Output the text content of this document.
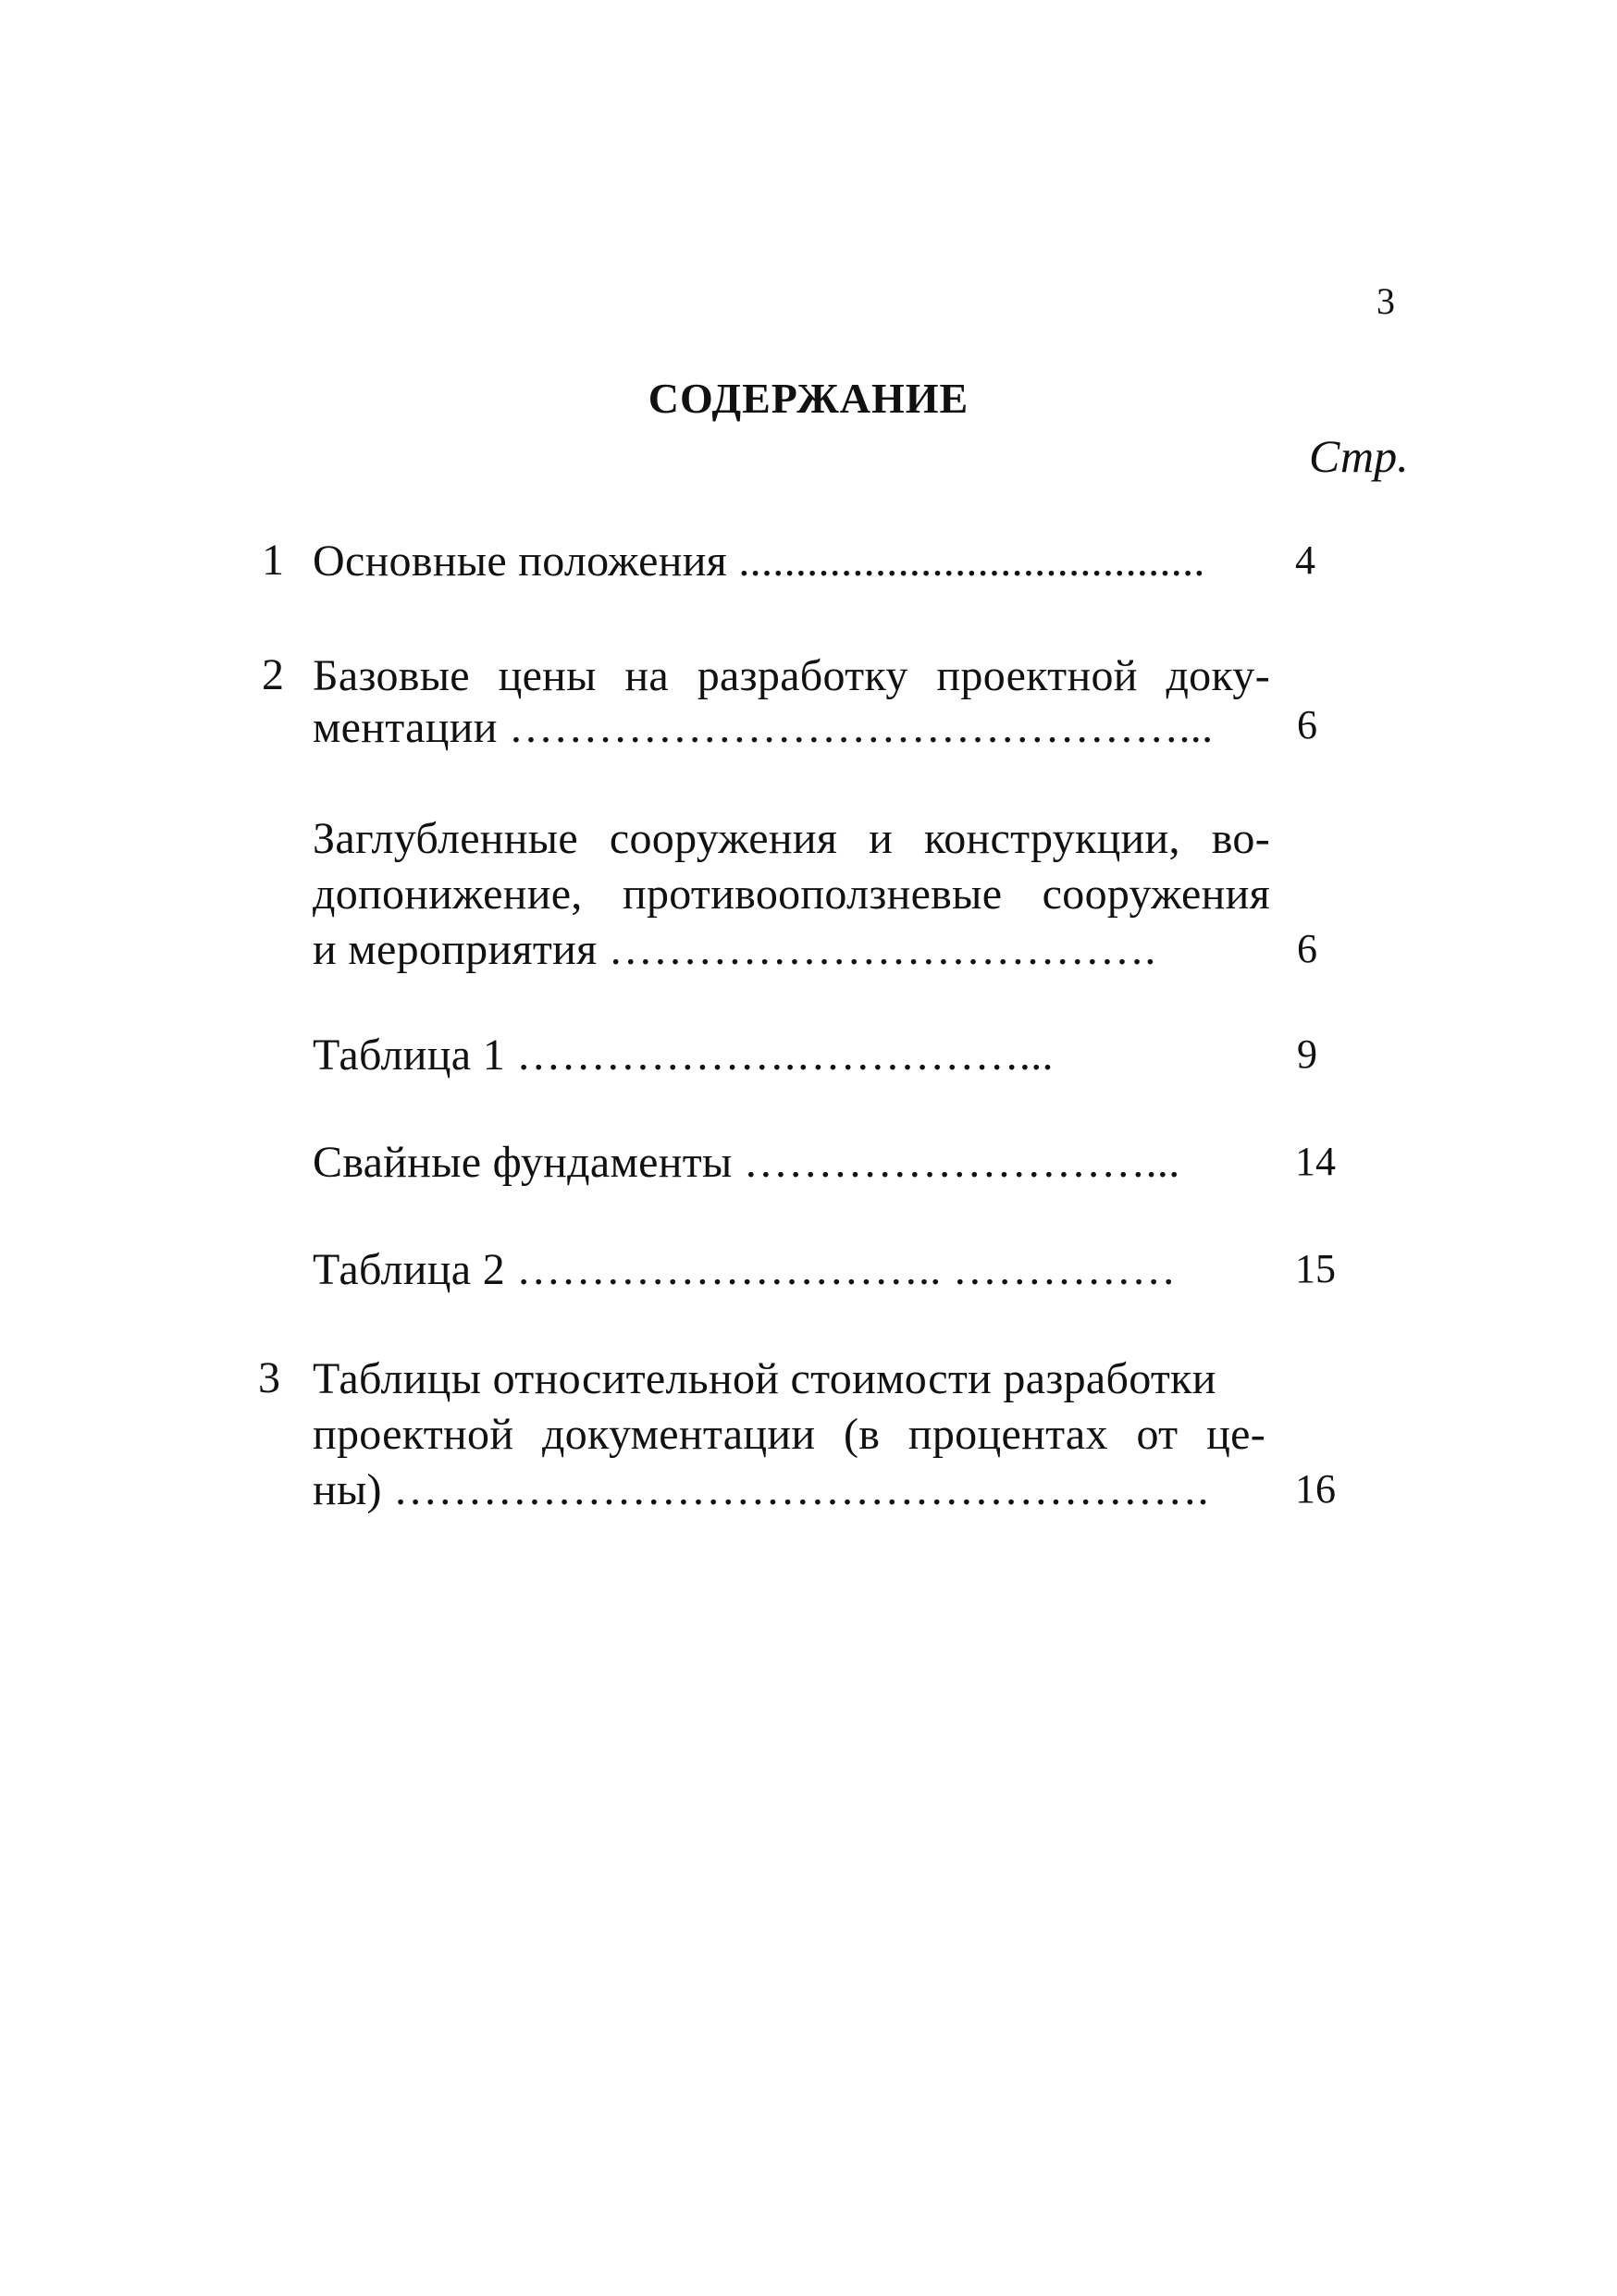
3
СОДЕРЖАНИЕ
Стр.
1 Основные положения ......................................... 4
2 Базовые цены на разработку проектной доку-
ментации ………………………………………... 6
Заглубленные сооружения и конструкции, во-
допонижение, противооползневые сооружения
и мероприятия ……………………………….	6
Таблица 1 ……………….……………...	9
Свайные фундаменты ………………………...	14
Таблица 2 ……………………….. ……………	15
3 Таблицы относительной стоимости разработки
проектной документации (в процентах от це-
ны) ………………………………………………. 16
